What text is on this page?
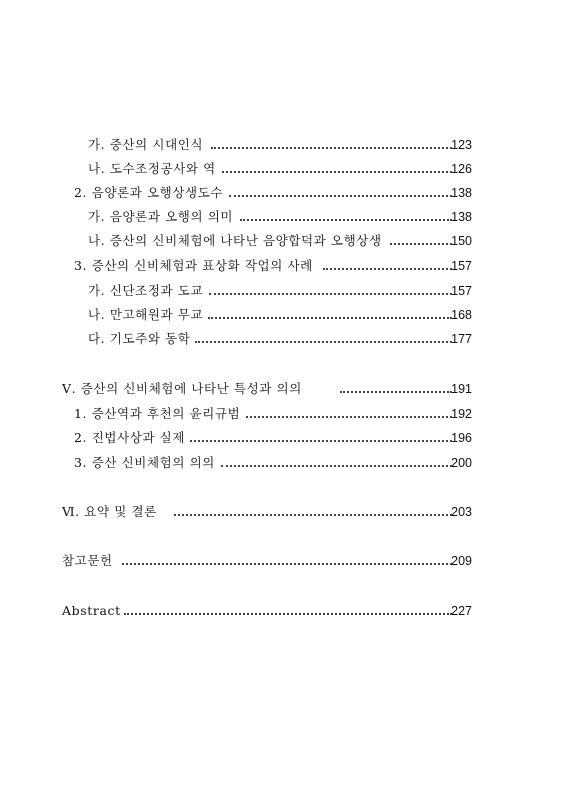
가. 중산의 시대인식	123
나. 도수조정공사와 역	126
2. 음양론과 오행상생도수	138
가. 음양론과 오행의 의미	138
나. 증산의 신비체험에 나타난 음양합덕과 오행상생	150
3. 증산의 신비체험과 표상화 작업의 사례	157
가. 신단조정과 도교	157
나. 만고해원과 무교	168
다. 기도주와 동학	177
Ⅴ. 증산의 신비체험에 나타난 특성과 의의	191
1. 증산역과 후천의 윤리규범	192
2. 진법사상과 실제	196
3. 증산 신비체험의 의의	200
Ⅵ. 요약 및 결론	203
참고문헌	209
Abstract	227
